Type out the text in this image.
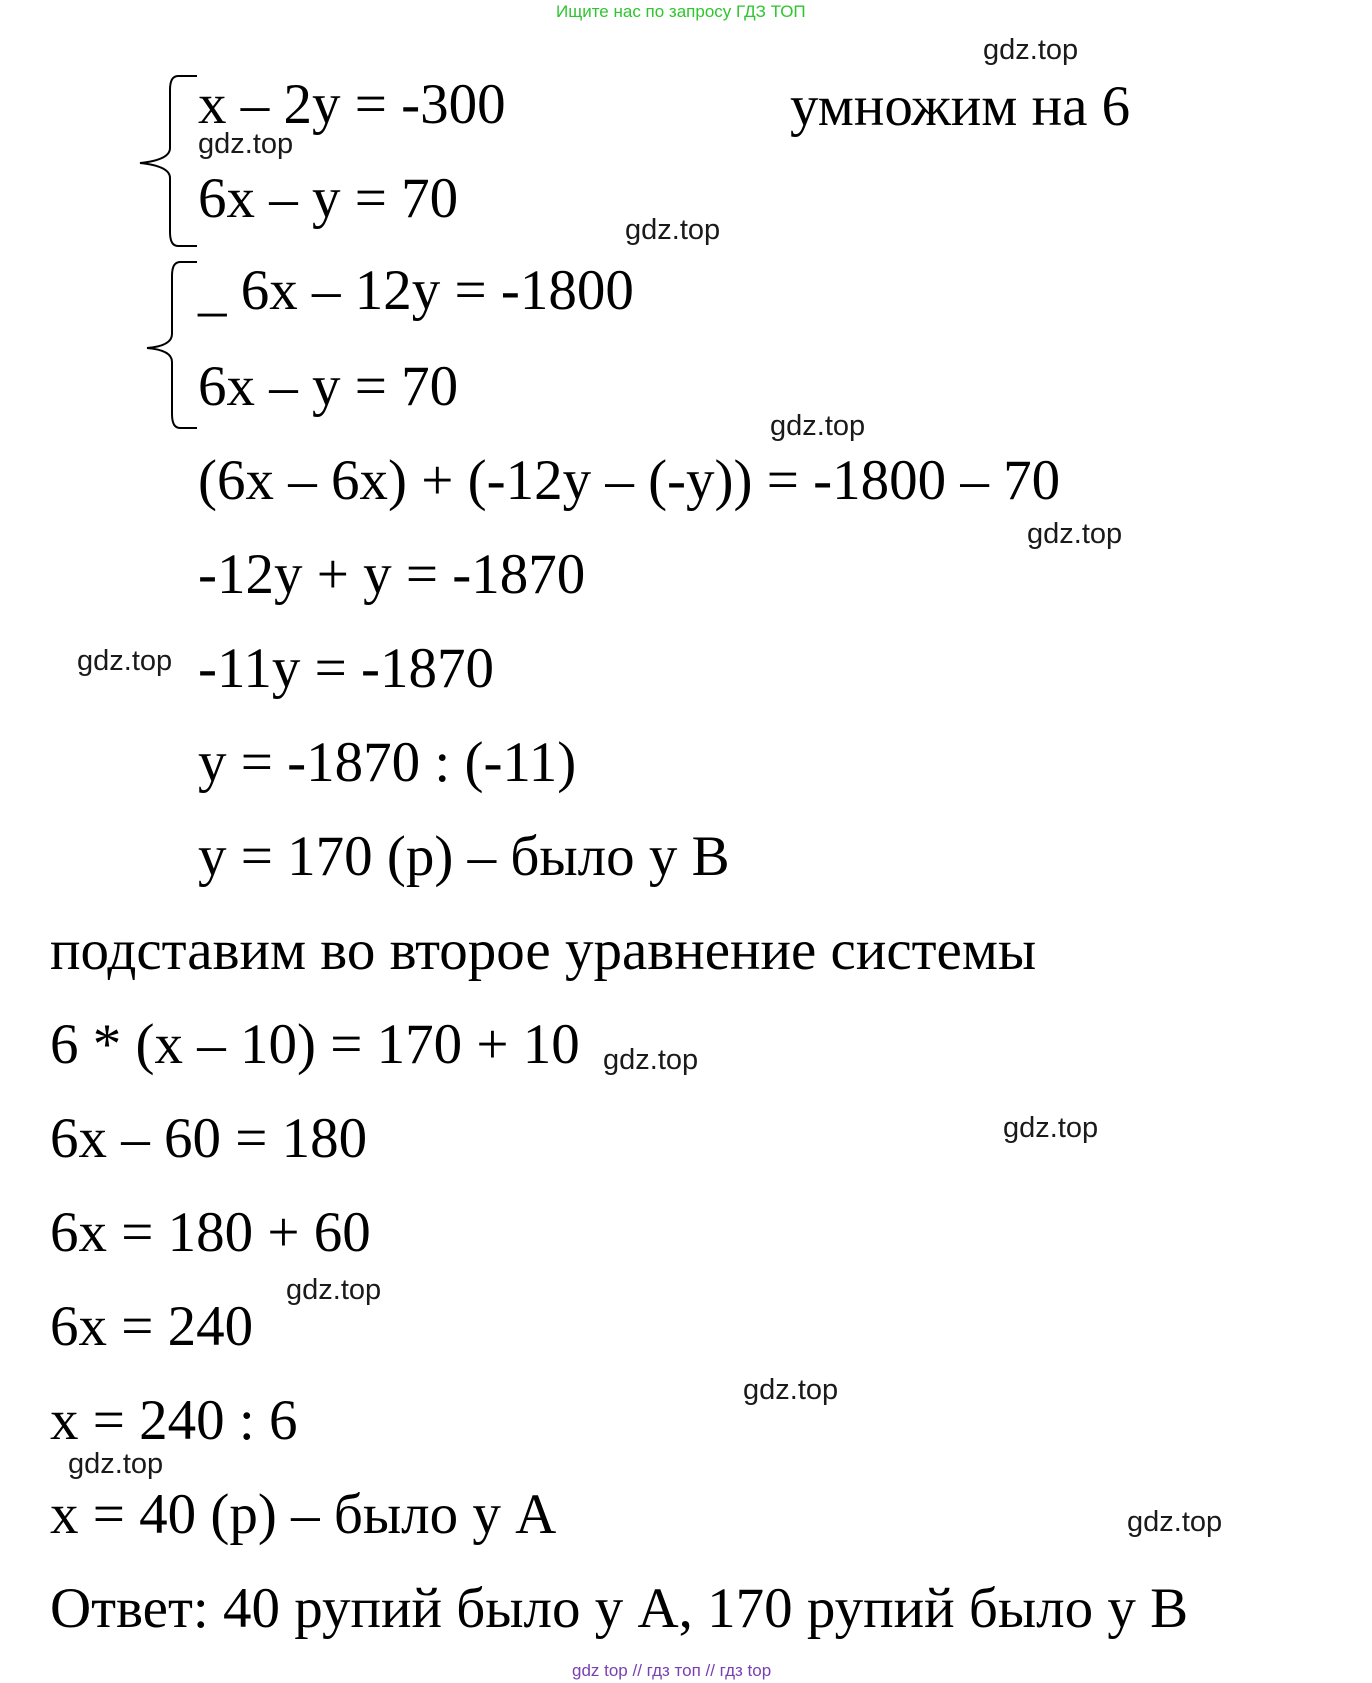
Ищите нас по запросу ГДЗ ТОП
x – 2y = -300
6x – y = 70
умножим на 6
_ 6x – 12y = -1800
6x – y = 70
(6x – 6x) + (-12y – (-y)) = -1800 – 70
-12y + y = -1870
-11y = -1870
y = -1870 : (-11)
y = 170 (р) – было у B
подставим во второе уравнение системы
6 * (x – 10) = 170 + 10
6x – 60 = 180
6x = 180 + 60
6x = 240
x = 240 : 6
x = 40 (р) – было у А
Ответ: 40 рупий было у А, 170 рупий было у В
gdz.top
gdz.top
gdz.top
gdz.top
gdz.top
gdz.top
gdz.top
gdz.top
gdz.top
gdz.top
gdz.top
gdz.top
gdz top // гдз топ // гдз top
